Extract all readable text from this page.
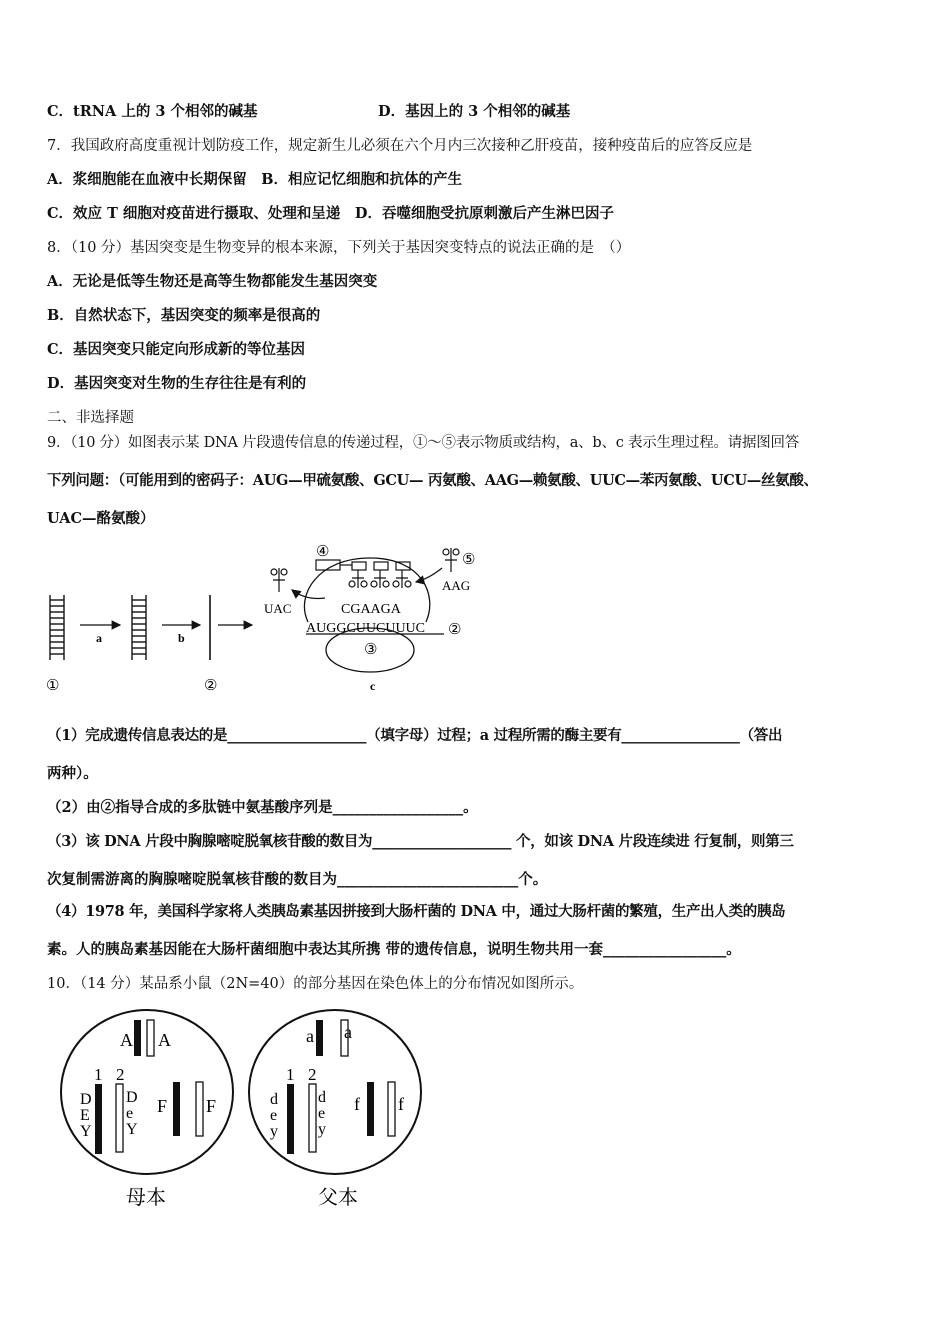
C．tRNA 上的 3 个相邻的碱基	D．基因上的 3 个相邻的碱基
7．我国政府高度重视计划防疫工作，规定新生儿必须在六个月内三次接种乙肝疫苗，接种疫苗后的应答反应是
A．浆细胞能在血液中长期保留　B．相应记忆细胞和抗体的产生
C．效应 T 细胞对疫苗进行摄取、处理和呈递　D．吞噬细胞受抗原刺激后产生淋巴因子
8．（10 分）基因突变是生物变异的根本来源，下列关于基因突变特点的说法正确的是　（）
A．无论是低等生物还是高等生物都能发生基因突变
B．自然状态下，基因突变的频率是很高的
C．基因突变只能定向形成新的等位基因
D．基因突变对生物的生存往往是有利的
二、非选择题
9．（10 分）如图表示某 DNA 片段遗传信息的传递过程，①～⑤表示物质或结构，a、b、c 表示生理过程。请据图回答
下列问题：（可能用到的密码子：AUG—甲硫氨酸、GCU— 丙氨酸、AAG—赖氨酸、UUC—苯丙氨酸、UCU—丝氨酸、
UAC—酪氨酸）
a	b
①	②
④
UAC
⑤
AAG
CGAAGA
AUGGCUUCUUUC ②
③
c
（1）完成遗传信息表达的是____________________（填字母）过程；a 过程所需的酶主要有_________________（答出
两种）。
（2）由②指导合成的多肽链中氨基酸序列是__________________。
（3）该 DNA 片段中胸腺嘧啶脱氧核苷酸的数目为____________________ 个，如该 DNA 片段连续进 行复制，则第三
次复制需游离的胸腺嘧啶脱氧核苷酸的数目为_________________________个。
（4）1978 年，美国科学家将人类胰岛素基因拼接到大肠杆菌的 DNA 中，通过大肠杆菌的繁殖，生产出人类的胰岛
素。人的胰岛素基因能在大肠杆菌细胞中表达其所携 带的遗传信息，说明生物共用一套_________________。
10．（14 分）某品系小鼠（2N=40）的部分基因在染色体上的分布情况如图所示。
A A
1 2
D
E
Y
D
e
Y
F F
母本
a a
1 2
d
e
y
d
e
y
f f
父本
